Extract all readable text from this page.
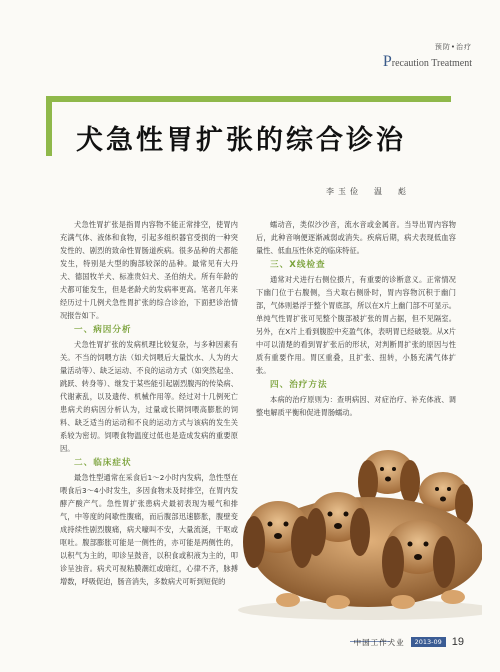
预防•治疗
Precaution Treatment
犬急性胃扩张的综合诊治
李玉俭　温　彪

犬急性胃扩张是指胃内容物不能正常排空，使胃内充满气体、液体和食物，引起多组织器官受损的一种突发性的、剧烈的致命性胃肠道疾病。很多品种的犬都能发生，特别是大型的胸部较深的品种。最常见有大丹犬、德国牧羊犬、标准贵妇犬、圣伯纳犬。所有年龄的犬都可能发生，但是老龄犬的发病率更高。笔者几年来经历过十几例犬急性胃扩张的综合诊治，下面把诊治情况报告如下。

一、病因分析

犬急性胃扩张的发病机理比较复杂，与多种因素有关。不当的饲喂方法（如犬饲喂后大量饮水、人为的大量活动等）、缺乏运动、不良的运动方式（如突然起坐、跳跃、转身等）、继发于某些能引起剧烈腹泻的传染病、代谢紊乱，以及遗传、机械作用等。经过对十几例死亡患病犬的病因分析认为，过量或长期饲喂高膨胀的饲料、缺乏适当的运动和不良的运动方式与该病的发生关系较为密切。饲喂食物温度过低也是造成发病的重要原因。

二、临床症状

最急性型通常在采食后1～2小时内发病，急性型在喂食后3～4小时发生，多因食物未及时排空，在胃内发酵产酸产气。急性胃扩张患病犬最初表现为嗳气和排气，中等度的间歇性腹痛，而后腹部迅速膨胀，腹壁变成持续性剧烈腹痛，病犬嚎叫不安，大量流涎，干呕或呕吐。腹部膨胀可能是一侧性的，亦可能是两侧性的，以积气为主的，叩诊呈鼓音，以积食或积液为主的，叩诊呈浊音。病犬可视粘膜潮红或暗红，心律不齐，脉搏增数，呼吸促迫，肠音消失，多数病犬可听到短促的

蠕动音，类似沙沙音，流水音或金属音。当导出胃内容物后，此种音响便逐渐减弱或消失。疾病后期，病犬表现低血容量性、低血压性休克的临床特征。

三、X线检查

通常对犬进行右侧位摄片，有重要的诊断意义。正常情况下幽门位于右腹侧，当犬取右侧卧时，胃内容物沉积于幽门部，气体则悬浮于整个胃底部，所以在X片上幽门部不可显示。单纯气性胃扩张可见整个腹部被扩张的胃占据，但不见隔室。另外，在X片上看到腹腔中充盈气体，表明胃已经破裂。从X片中可以清楚的看到胃扩张后的形状，对判断胃扩张的原因与性质有重要作用。胃区重叠，且扩张、扭转，小肠充满气体扩张。

四、治疗方法

本病的治疗原则为：查明病因、对症治疗、补充体液、调整电解质平衡和促进胃肠蠕动。

中国工作犬业	2013-09 19
